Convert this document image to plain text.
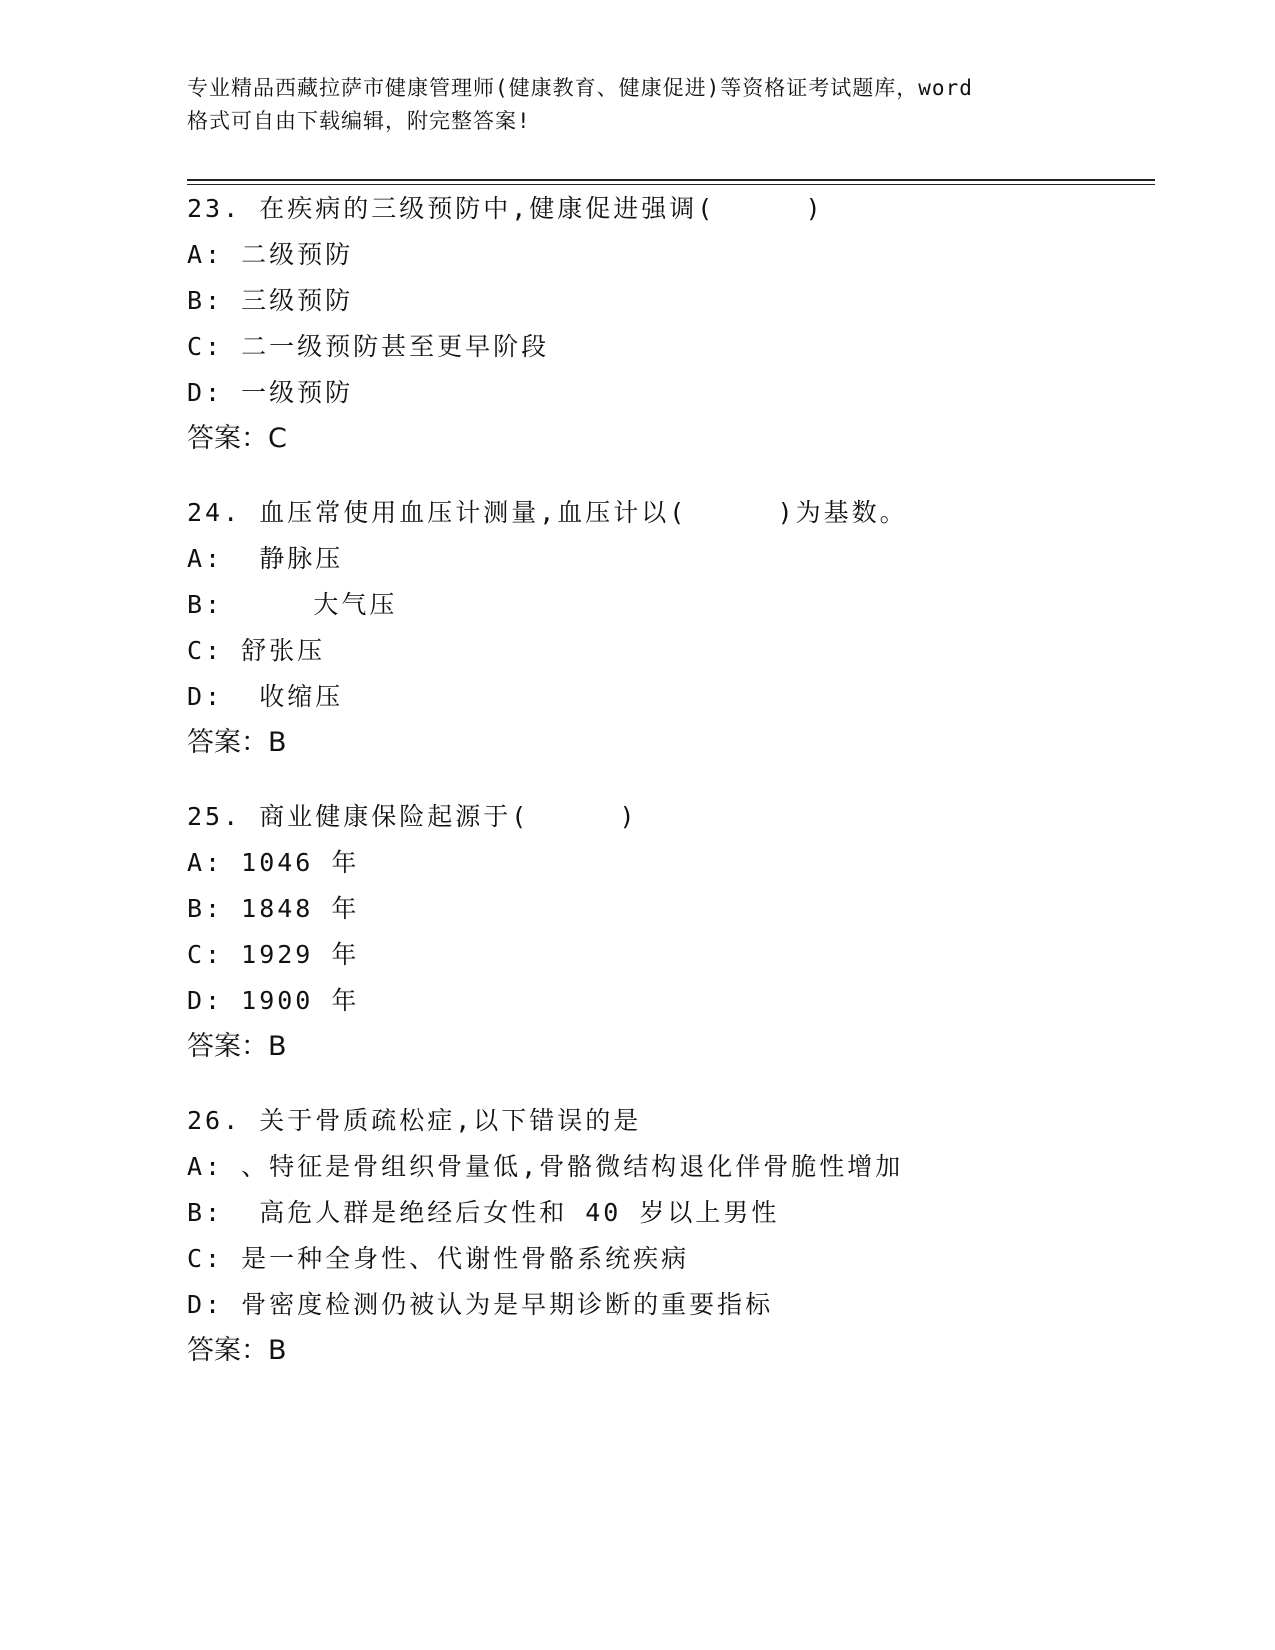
专业精品西藏拉萨市健康管理师(健康教育、健康促进)等资格证考试题库，word
格式可自由下载编辑，附完整答案!
23. 在疾病的三级预防中,健康促进强调(     )
A: 二级预防
B: 三级预防
C: 二一级预防甚至更早阶段
D: 一级预防
答案：C
24. 血压常使用血压计测量,血压计以(     )为基数。
A:  静脉压
B:     大气压
C: 舒张压
D:  收缩压
答案：B
25. 商业健康保险起源于(     )
A: 1046 年
B: 1848 年
C: 1929 年
D: 1900 年
答案：B
26. 关于骨质疏松症,以下错误的是
A: 、特征是骨组织骨量低,骨骼微结构退化伴骨脆性增加
B:  高危人群是绝经后女性和 40 岁以上男性
C: 是一种全身性、代谢性骨骼系统疾病
D: 骨密度检测仍被认为是早期诊断的重要指标
答案：B
